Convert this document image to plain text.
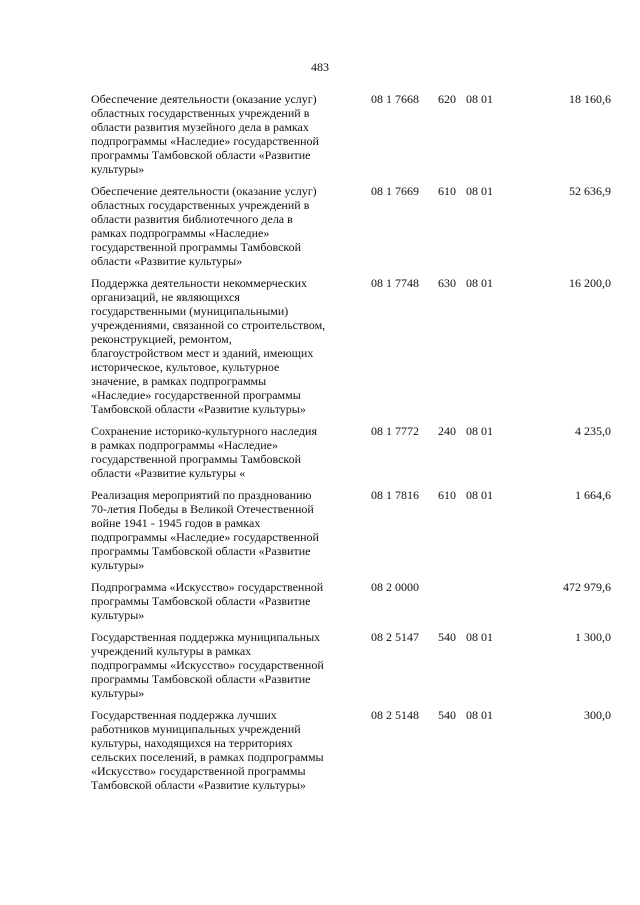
483
Обеспечение деятельности (оказание услуг)
областных государственных учреждений в
области развития музейного дела в рамках
подпрограммы «Наследие» государственной
программы Тамбовской области «Развитие
культуры»
08 1 7668	620 08 01	18 160,6
Обеспечение деятельности (оказание услуг)
областных государственных учреждений в
области развития библиотечного дела в
рамках подпрограммы «Наследие»
государственной программы Тамбовской
области «Развитие культуры»
08 1 7669	610 08 01	52 636,9
Поддержка деятельности некоммерческих
организаций, не являющихся
государственными (муниципальными)
учреждениями, связанной со строительством,
реконструкцией, ремонтом,
благоустройством мест и зданий, имеющих
историческое, культовое, культурное
значение, в рамках подпрограммы
«Наследие» государственной программы
Тамбовской области «Развитие культуры»
08 1 7748	630 08 01	16 200,0
Сохранение историко-культурного наследия
в рамках подпрограммы «Наследие»
государственной программы Тамбовской
области «Развитие культуры «
08 1 7772	240 08 01	4 235,0
Реализация мероприятий по празднованию
70-летия Победы в Великой Отечественной
войне 1941 - 1945 годов в рамках
подпрограммы «Наследие» государственной
программы Тамбовской области «Развитие
культуры»
08 1 7816	610 08 01	1 664,6
Подпрограмма «Искусство» государственной
программы Тамбовской области «Развитие
культуры»
08 2 0000	472 979,6
Государственная поддержка муниципальных
учреждений культуры в рамках
подпрограммы «Искусство» государственной
программы Тамбовской области «Развитие
культуры»
08 2 5147	540 08 01	1 300,0
Государственная поддержка лучших
работников муниципальных учреждений
культуры, находящихся на территориях
сельских поселений, в рамках подпрограммы
«Искусство» государственной программы
Тамбовской области «Развитие культуры»
08 2 5148	540 08 01	300,0
